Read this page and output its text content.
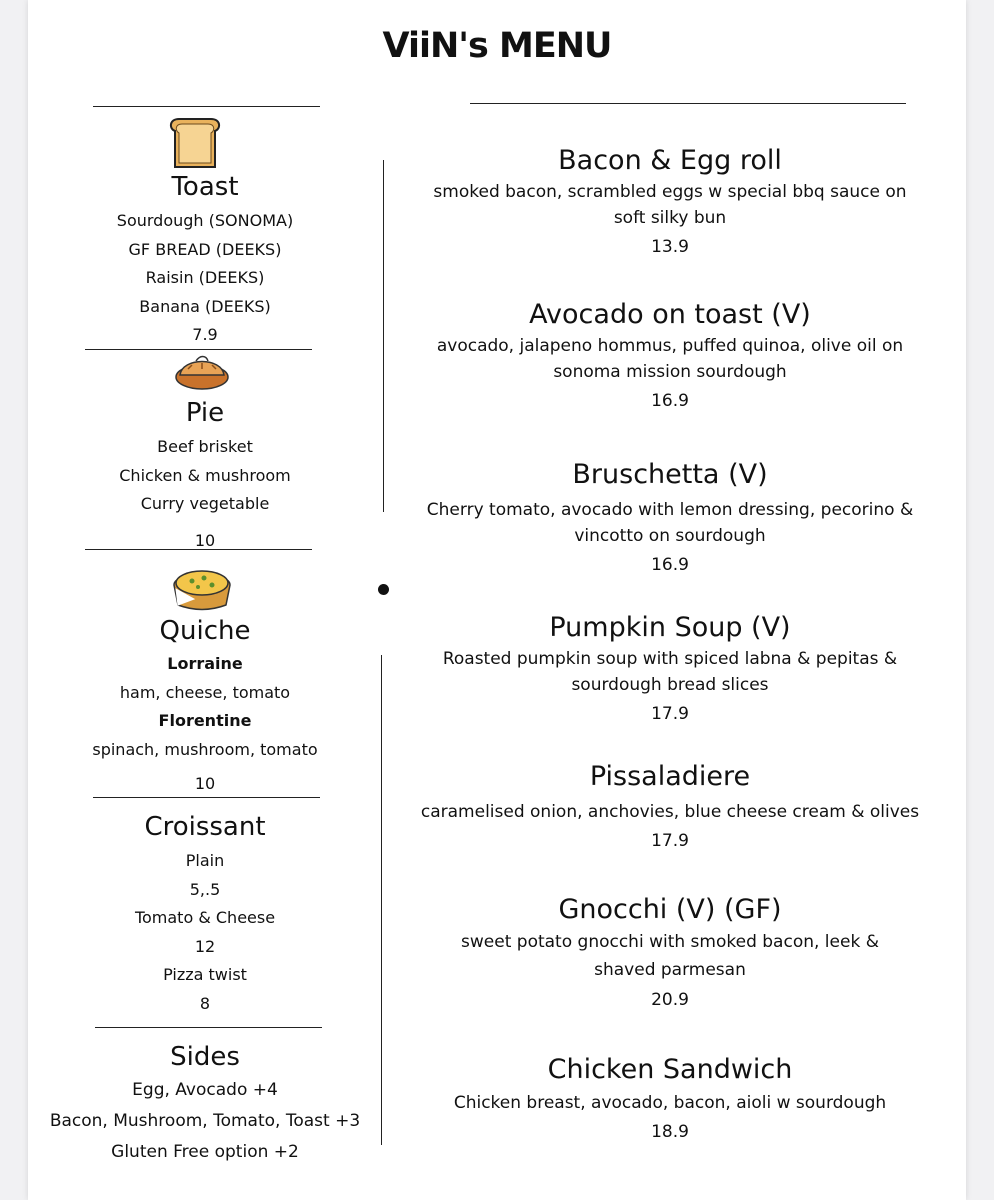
ViiN's MENU
Toast
Sourdough (SONOMA)
GF BREAD (DEEKS)
Raisin (DEEKS)
Banana (DEEKS)
7.9
Pie
Beef brisket
Chicken & mushroom
Curry vegetable
10
Quiche
Lorraine
ham, cheese, tomato
Florentine
spinach, mushroom, tomato
10
Croissant
Plain
5,.5
Tomato & Cheese
12
Pizza twist
8
Sides
Egg, Avocado +4
Bacon, Mushroom, Tomato, Toast +3
Gluten Free option +2
Bacon & Egg roll
smoked bacon, scrambled eggs w special bbq sauce on soft silky bun
13.9
Avocado on toast (V)
avocado, jalapeno hommus, puffed quinoa, olive oil on sonoma mission sourdough
16.9
Bruschetta (V)
Cherry tomato, avocado with lemon dressing, pecorino & vincotto on sourdough
16.9
Pumpkin Soup (V)
Roasted pumpkin soup with spiced labna & pepitas & sourdough bread slices
17.9
Pissaladiere
caramelised onion, anchovies, blue cheese cream & olives
17.9
Gnocchi (V) (GF)
sweet potato gnocchi with smoked bacon, leek & shaved parmesan
20.9
Chicken Sandwich
Chicken breast, avocado, bacon, aioli w sourdough
18.9
